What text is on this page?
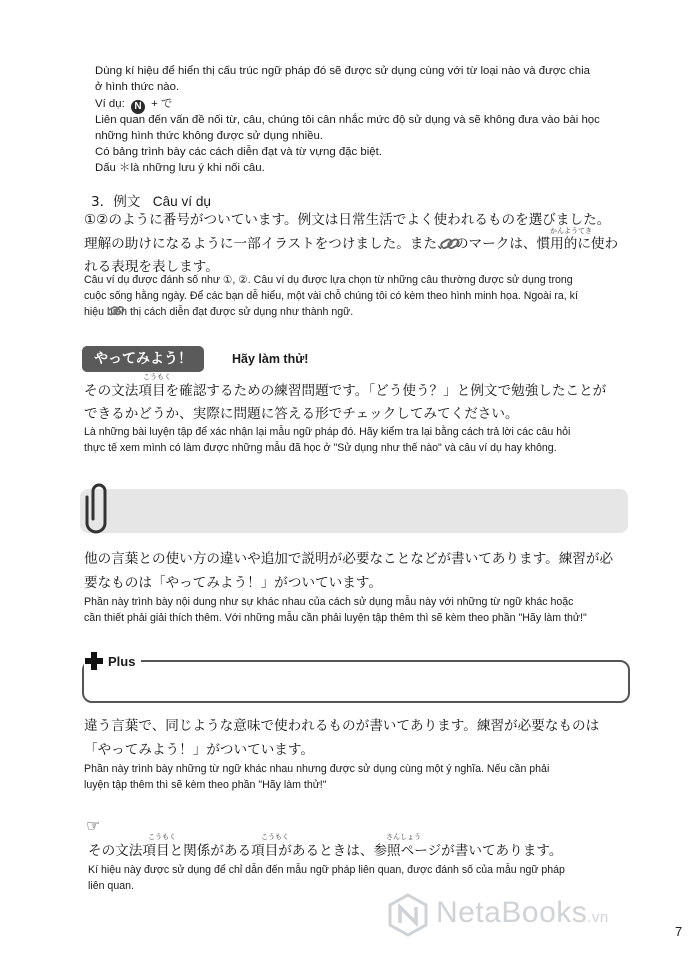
Dùng kí hiệu để hiển thị cấu trúc ngữ pháp đó sẽ được sử dụng cùng với từ loại nào và được chia
ở hình thức nào.
Ví dụ: N + で
Liên quan đến vấn đề nối từ, câu, chúng tôi cân nhắc mức độ sử dụng và sẽ không đưa vào bài học
những hình thức không được sử dụng nhiều.
Có bảng trình bày các cách diễn đạt và từ vựng đặc biệt.
Dấu ＊là những lưu ý khi nối câu.
3．例文 Câu ví dụ
①②のように番号がついています。例文は日常生活でよく使われるものを選びました。
かんようてき
理解の助けになるように一部イラストをつけました。また、 のマークは、慣用的に使わ
れる表現を表します。
Câu ví dụ được đánh số như ①, ②. Câu ví dụ được lựa chọn từ những câu thường được sử dụng trong
cuộc sống hằng ngày. Để các bạn dễ hiểu, một vài chỗ chúng tôi có kèm theo hình minh họa. Ngoài ra, kí
hiệu hiển thị cách diễn đạt được sử dụng như thành ngữ.
やってみよう！	Hãy làm thử!
こうもく
その文法項目を確認するための練習問題です。「どう使う？」と例文で勉強したことが
できるかどうか、実際に問題に答える形でチェックしてみてください。
Là những bài luyện tập để xác nhận lại mẫu ngữ pháp đó. Hãy kiểm tra lại bằng cách trả lời các câu hỏi
thực tế xem mình có làm được những mẫu đã học ở "Sử dụng như thế nào" và câu ví dụ hay không.
他の言葉との使い方の違いや追加で説明が必要なことなどが書いてあります。練習が必
要なものは「やってみよう！」がついています。
Phần này trình bày nội dung như sự khác nhau của cách sử dụng mẫu này với những từ ngữ khác hoặc
cần thiết phải giải thích thêm. Với những mẫu cần phải luyện tập thêm thì sẽ kèm theo phần "Hãy làm thử!"
Plus
違う言葉で、同じような意味で使われるものが書いてあります。練習が必要なものは
「やってみよう！」がついています。
Phần này trình bày những từ ngữ khác nhau nhưng được sử dụng cùng một ý nghĩa. Nếu cần phải
luyện tập thêm thì sẽ kèm theo phần "Hãy làm thử!"
☞
こうもく	こうもく	さんしょう
その文法項目と関係がある項目があるときは、参照ページが書いてあります。
Kí hiệu này được sử dụng để chỉ dẫn đến mẫu ngữ pháp liên quan, được đánh số của mẫu ngữ pháp
liên quan.
NetaBooks.vn
7
